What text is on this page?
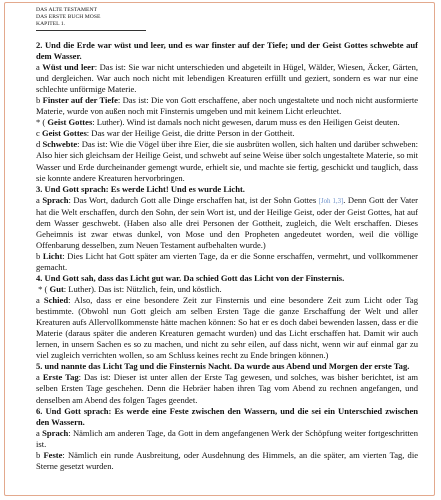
DAS ALTE TESTAMENT
DAS ERSTE BUCH MOSE
KAPITEL 1.

2. Und die Erde war wüst und leer, und es war finster auf der Tiefe; und der Geist Gottes schwebte auf dem Wasser.

a Wüst und leer: Das ist: Sie war nicht unterschieden und abgeteilt in Hügel, Wälder, Wiesen, Äcker, Gärten, und dergleichen. War auch noch nicht mit lebendigen Kreaturen erfüllt und geziert, sondern es war nur eine schlechte unförmige Materie.

b Finster auf der Tiefe: Das ist: Die von Gott erschaffene, aber noch ungestaltete und noch nicht ausformierte Materie, wurde von außen noch mit Finsternis umgeben und mit keinem Licht erleuchtet.

* ( Geist Gottes: Luther). Wind ist damals noch nicht gewesen, darum muss es den Heiligen Geist deuten.

c Geist Gottes: Das war der Heilige Geist, die dritte Person in der Gottheit.

d Schwebte: Das ist: Wie die Vögel über ihre Eier, die sie ausbrüten wollen, sich halten und darüber schweben: Also hier sich gleichsam der Heilige Geist, und schwebt auf seine Weise über solch ungestaltete Materie, so mit Wasser und Erde durcheinander gemengt wurde, erhielt sie, und machte sie fertig, geschickt und tauglich, dass sie konnte andere Kreaturen hervorbringen.

3. Und Gott sprach: Es werde Licht! Und es wurde Licht.

a Sprach: Das Wort, dadurch Gott alle Dinge erschaffen hat, ist der Sohn Gottes [Joh 1,3]. Denn Gott der Vater hat die Welt erschaffen, durch den Sohn, der sein Wort ist, und der Heilige Geist, oder der Geist Gottes, hat auf dem Wasser geschwebt. (Haben also alle drei Personen der Gottheit, zugleich, die Welt erschaffen. Dieses Geheimnis ist zwar etwas dunkel, von Mose und den Propheten angedeutet worden, weil die völlige Offenbarung desselben, zum Neuen Testament aufbehalten wurde.)

b Licht: Dies Licht hat Gott später am vierten Tage, da er die Sonne erschaffen, vermehrt, und vollkommener gemacht.

4. Und Gott sah, dass das Licht gut war. Da schied Gott das Licht von der Finsternis.

* ( Gut: Luther). Das ist: Nützlich, fein, und köstlich.

a Schied: Also, dass er eine besondere Zeit zur Finsternis und eine besondere Zeit zum Licht oder Tag bestimmte. (Obwohl nun Gott gleich am selben Ersten Tage die ganze Erschaffung der Welt und aller Kreaturen aufs Allervollkommenste hätte machen können: So hat er es doch dabei bewenden lassen, dass er die Materie (daraus später die anderen Kreaturen gemacht wurden) und das Licht erschaffen hat. Damit wir auch lernen, in unsern Sachen es so zu machen, und nicht zu sehr eilen, auf dass nicht, wenn wir auf einmal gar zu viel zugleich verrichten wollen, so am Schluss keines recht zu Ende bringen können.)

5. und nannte das Licht Tag und die Finsternis Nacht. Da wurde aus Abend und Morgen der erste Tag.

a Erste Tag: Das ist: Dieser ist unter allen der Erste Tag gewesen, und solches, was bisher berichtet, ist am selben Ersten Tage geschehen. Denn die Hebräer haben ihren Tag vom Abend zu rechnen angefangen, und denselben am Abend des folgen Tages geendet.

6. Und Gott sprach: Es werde eine Feste zwischen den Wassern, und die sei ein Unterschied zwischen den Wassern.

a Sprach: Nämlich am anderen Tage, da Gott in dem angefangenen Werk der Schöpfung weiter fortgeschritten ist.

b Feste: Nämlich ein runde Ausbreitung, oder Ausdehnung des Himmels, an die später, am vierten Tag, die Sterne gesetzt wurden.
